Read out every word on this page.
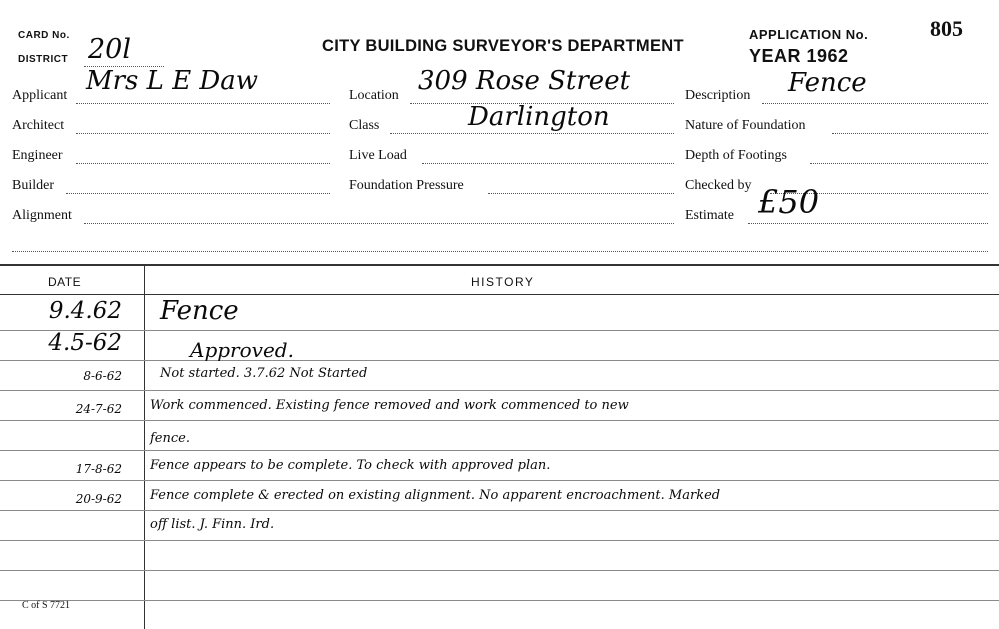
CARD No.
DISTRICT 20l	CITY BUILDING SURVEYOR'S DEPARTMENT
APPLICATION No.	805
YEAR 1962
Applicant Mrs L E Daw
Architect
Engineer
Builder
Alignment
Location 309 Rose Street
Class	Darlington
Live Load
Foundation Pressure
Description Fence
Nature of Foundation
Depth of Footings
Checked by
Estimate £50
DATE	HISTORY
9.4.62 Fence
4.5-62	Approved.
8-6-62	Not started. 3.7.62 Not Started
24-7-62 Work commenced. Existing fence removed and work commenced to new
fence.
17-8-62 Fence appears to be complete. To check with approved plan.
20-9-62 Fence complete & erected on existing alignment. No apparent encroachment. Marked
off list. J. Finn. Ird.
C of S 7721
